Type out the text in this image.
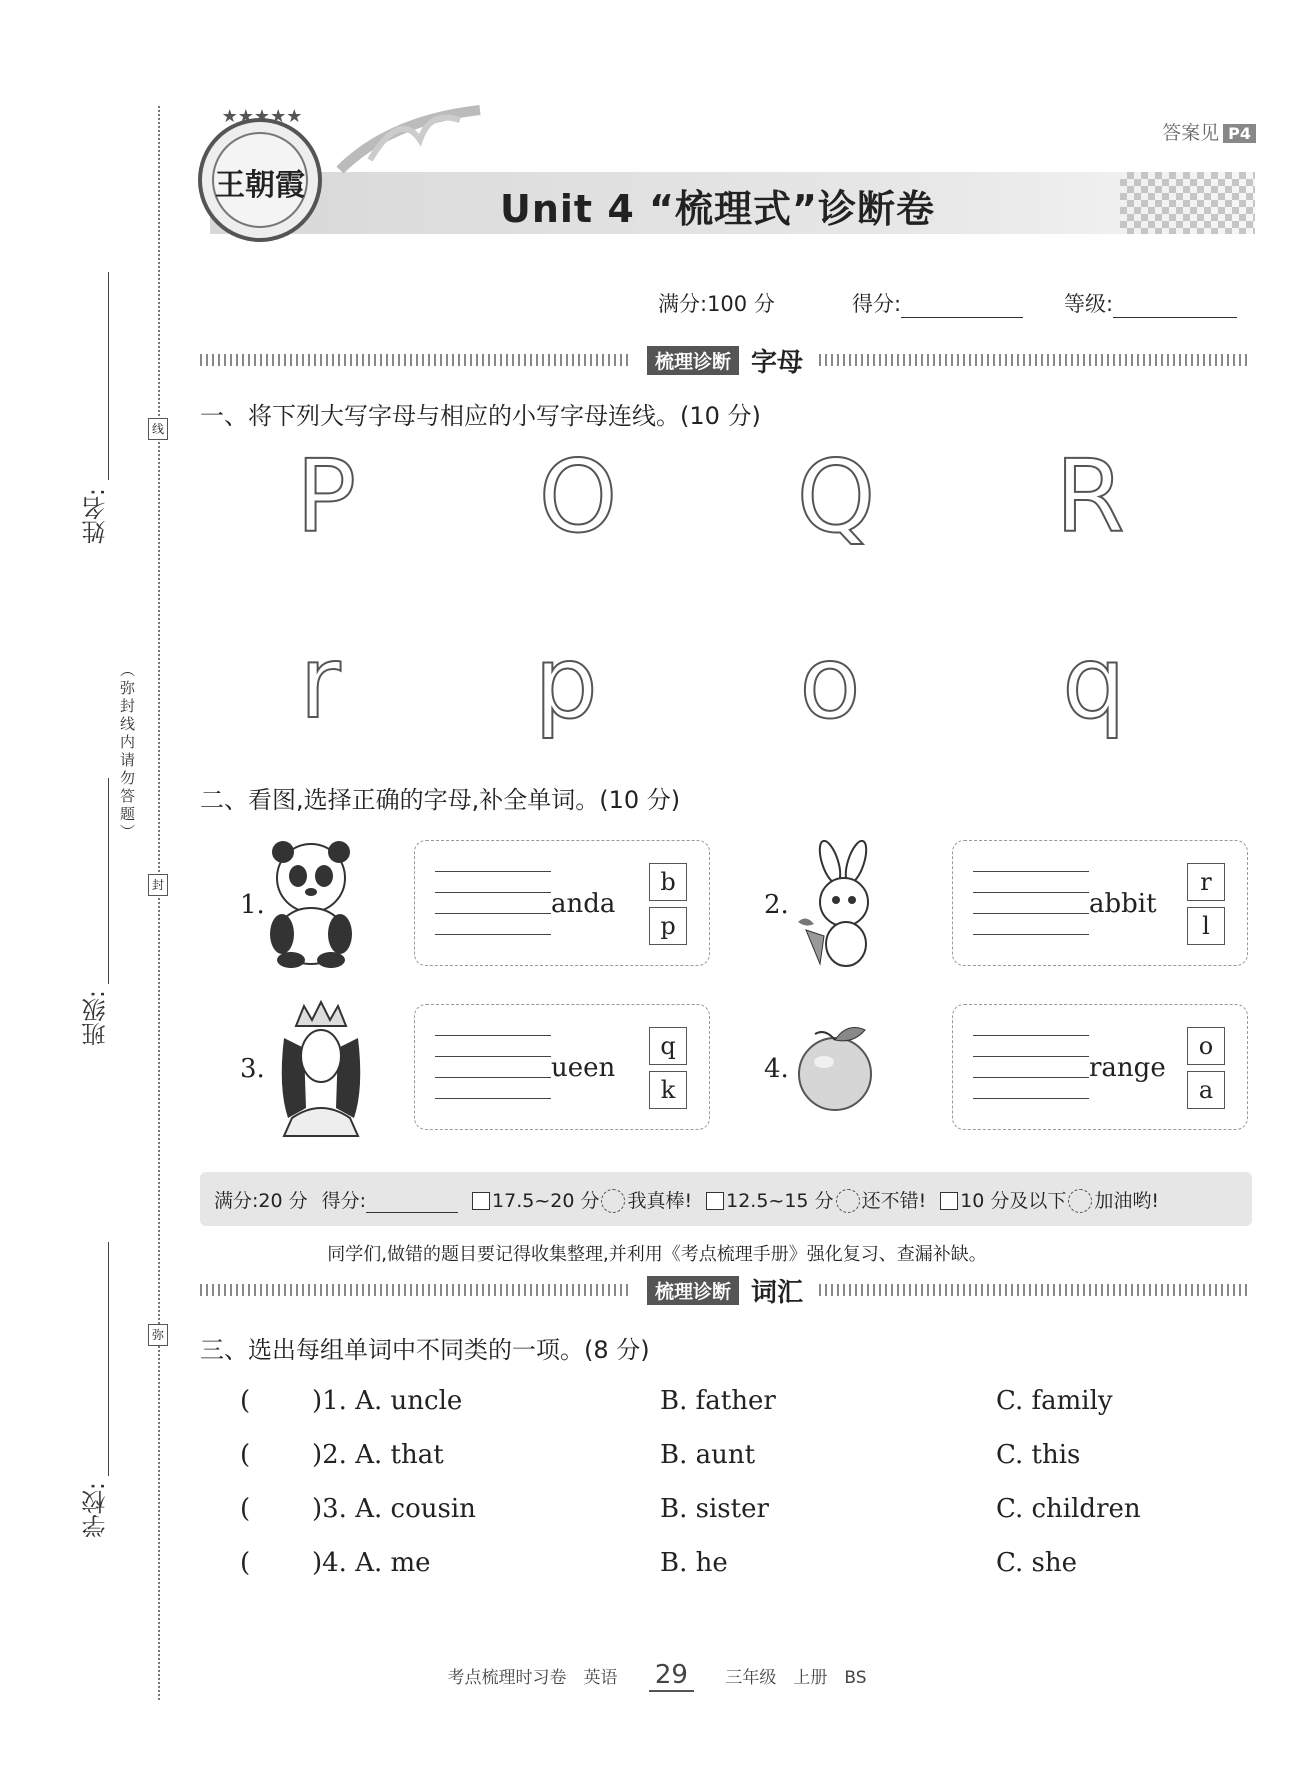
姓名:
班级:
学校:
线
封
弥
（弥封线内请勿答题）
答案见 P4
★★★★★
王朝霞
Unit 4 “梳理式”诊断卷
满分:100 分	得分:	等级:
梳理诊断 字母
一、将下列大写字母与相应的小写字母连线。(10 分)
P O Q R
r	p o q
二、看图,选择正确的字母,补全单词。(10 分)
1.	anda
b
p
2.	abbit
r
l
3.	ueen
q
k
4.	range
o
a
满分:20 分 得分:	17.5~20 分 我真棒!	12.5~15 分 还不错!	10 分及以下 加油哟!
同学们,做错的题目要记得收集整理,并利用《考点梳理手册》强化复习、查漏补缺。
梳理诊断 词汇
三、选出每组单词中不同类的一项。(8 分)
( )1. A. uncle	B. father	C. family
( )2. A. that	B. aunt	C. this
( )3. A. cousin	B. sister	C. children
( )4. A. me	B. he	C. she
考点梳理时习卷　英语 29 三年级　上册　BS
